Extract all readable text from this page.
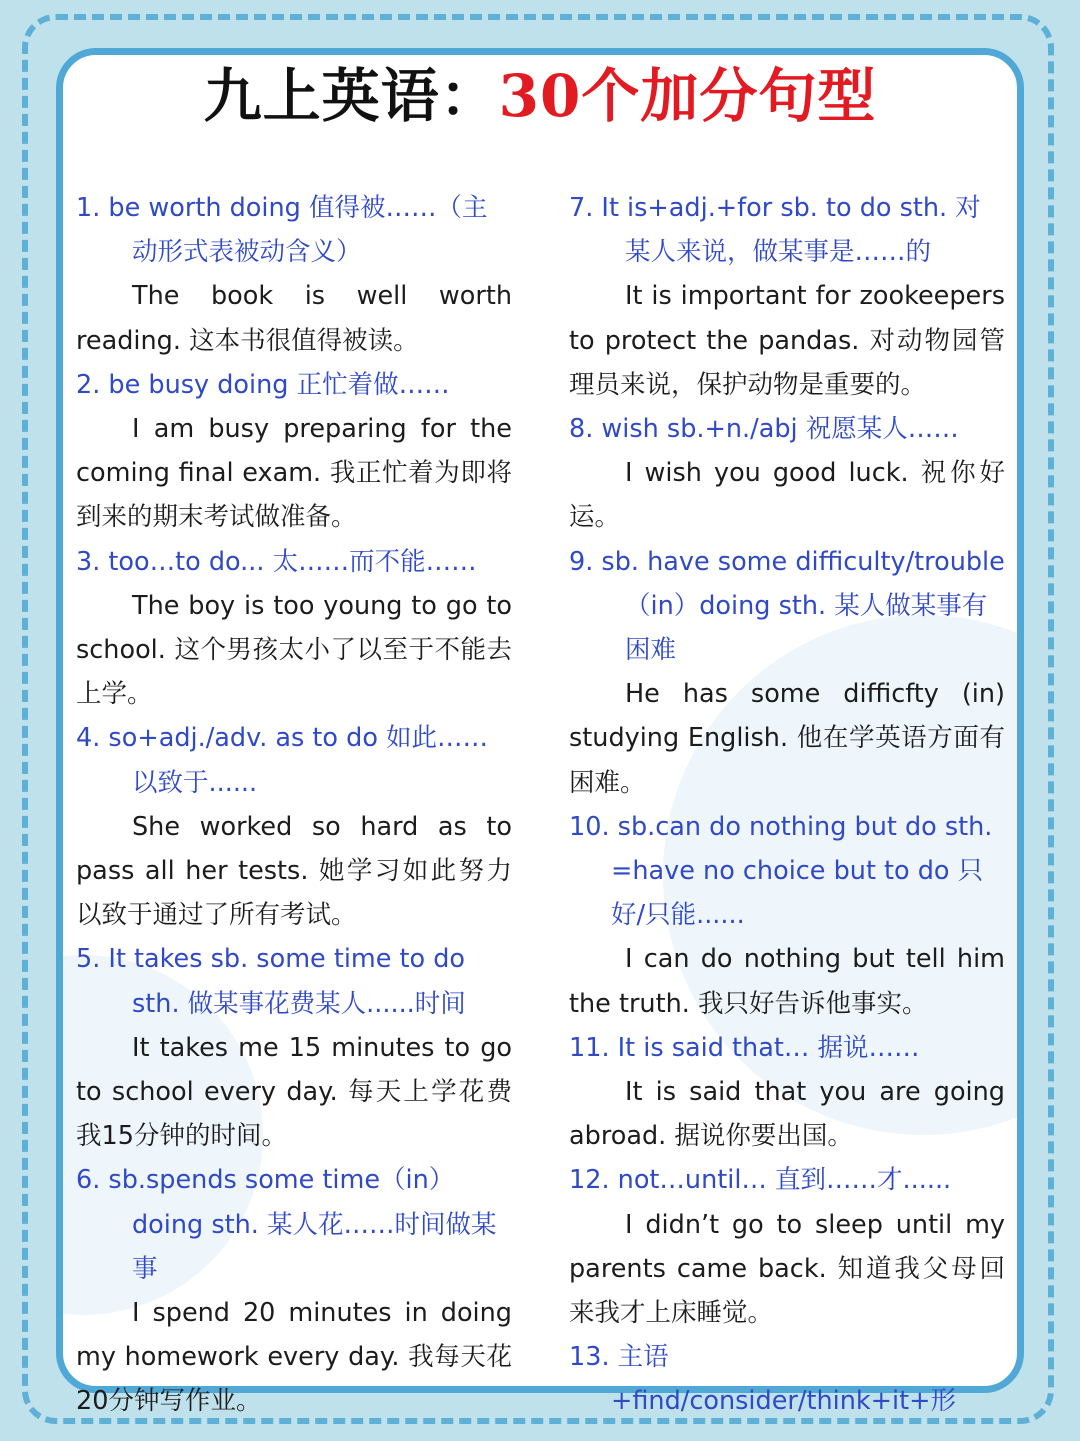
九上英语：30个加分句型

1. be worth doing 值得被……（主动形式表被动含义）

The book is well worth reading. 这本书很值得被读。

2. be busy doing 正忙着做……

I am busy preparing for the coming final exam. 我正忙着为即将到来的期末考试做准备。

3. too…to do... 太……而不能……

The boy is too young to go to school. 这个男孩太小了以至于不能去上学。

4. so+adj./adv. as to do 如此……以致于......

She worked so hard as to pass all her tests. 她学习如此努力以致于通过了所有考试。

5. It takes sb. some time to do sth. 做某事花费某人......时间

It takes me 15 minutes to go to school every day. 每天上学花费我15分钟的时间。

6. sb.spends some time（in）doing sth. 某人花……时间做某事

I spend 20 minutes in doing my homework every day. 我每天花20分钟写作业。

7. It is+adj.+for sb. to do sth. 对某人来说，做某事是……的

It is important for zookeepers to protect the pandas. 对动物园管理员来说，保护动物是重要的。

8. wish sb.+n./abj 祝愿某人……

I wish you good luck. 祝你好运。

9. sb. have some difficulty/trouble（in）doing sth. 某人做某事有困难

He has some difficfty (in) studying English. 他在学英语方面有困难。

10. sb.can do nothing but do sth. =have no choice but to do 只好/只能......

I can do nothing but tell him the truth. 我只好告诉他事实。

11. It is said that… 据说……

It is said that you are going abroad. 据说你要出国。

12. not…until… 直到……才......

I didn’t go to sleep until my parents came back. 知道我父母回来我才上床睡觉。

13. 主语+find/consider/think+it+形
